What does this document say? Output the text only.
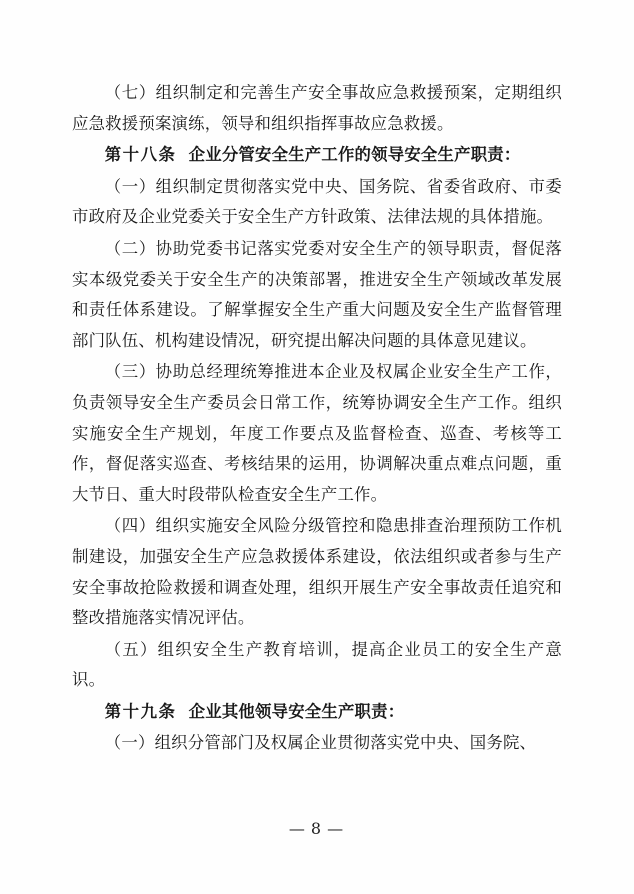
（七）组织制定和完善生产安全事故应急救援预案，定期组织应急救援预案演练，领导和组织指挥事故应急救援。

第十八条 企业分管安全生产工作的领导安全生产职责：

（一）组织制定贯彻落实党中央、国务院、省委省政府、市委市政府及企业党委关于安全生产方针政策、法律法规的具体措施。

（二）协助党委书记落实党委对安全生产的领导职责，督促落实本级党委关于安全生产的决策部署，推进安全生产领域改革发展和责任体系建设。了解掌握安全生产重大问题及安全生产监督管理部门队伍、机构建设情况，研究提出解决问题的具体意见建议。

（三）协助总经理统筹推进本企业及权属企业安全生产工作，负责领导安全生产委员会日常工作，统筹协调安全生产工作。组织实施安全生产规划，年度工作要点及监督检查、巡查、考核等工作，督促落实巡查、考核结果的运用，协调解决重点难点问题，重大节日、重大时段带队检查安全生产工作。

（四）组织实施安全风险分级管控和隐患排查治理预防工作机制建设，加强安全生产应急救援体系建设，依法组织或者参与生产安全事故抢险救援和调查处理，组织开展生产安全事故责任追究和整改措施落实情况评估。

（五）组织安全生产教育培训，提高企业员工的安全生产意识。

第十九条 企业其他领导安全生产职责：

（一）组织分管部门及权属企业贯彻落实党中央、国务院、

— 8 —
